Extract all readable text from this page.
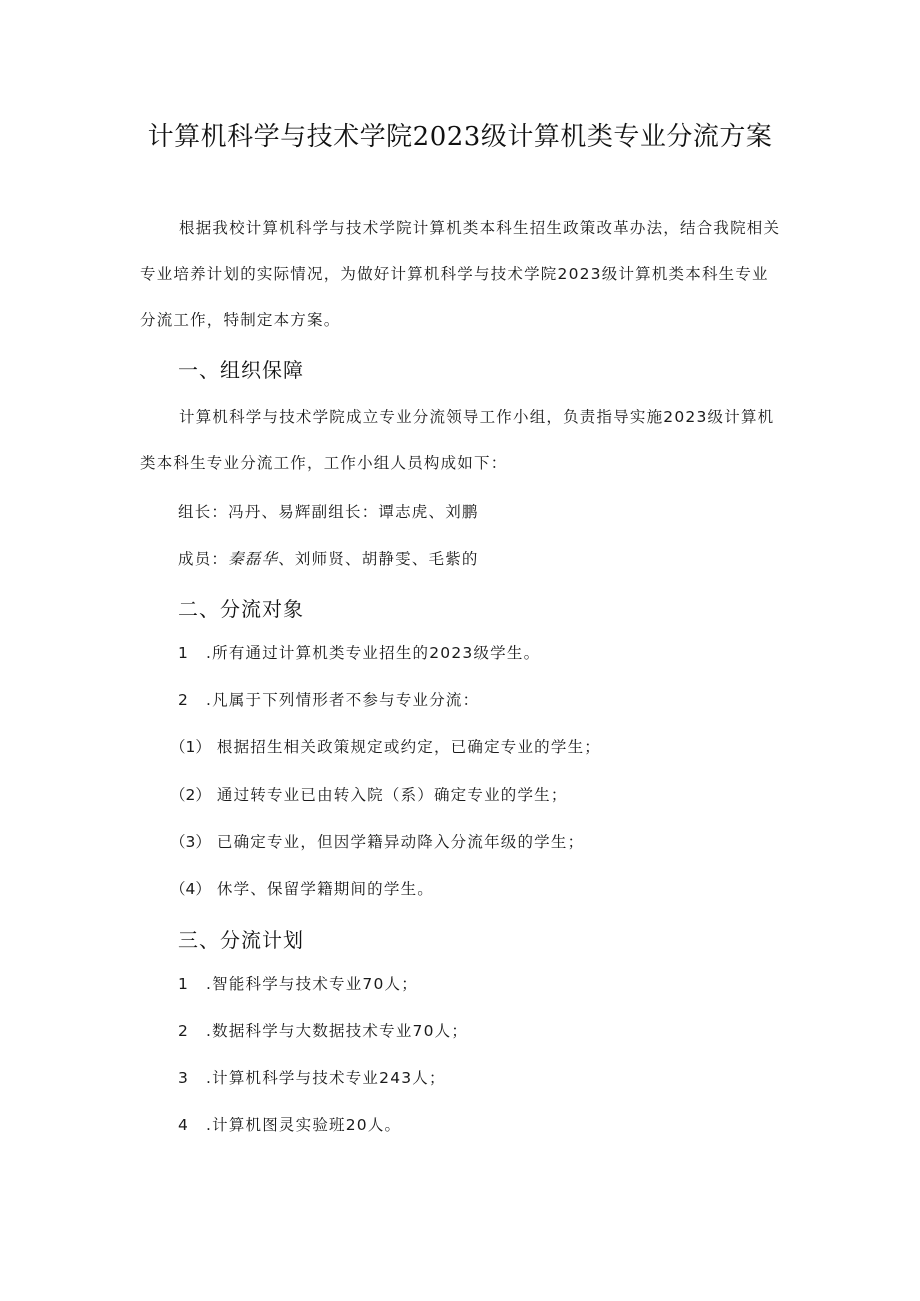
计算机科学与技术学院2023级计算机类专业分流方案

根据我校计算机科学与技术学院计算机类本科生招生政策改革办法，结合我院相关专业培养计划的实际情况，为做好计算机科学与技术学院2023级计算机类本科生专业分流工作，特制定本方案。

一、组织保障

计算机科学与技术学院成立专业分流领导工作小组，负责指导实施2023级计算机类本科生专业分流工作，工作小组人员构成如下：

组长：冯丹、易辉副组长：谭志虎、刘鹏

成员：秦磊华、刘师贤、胡静雯、毛紫的

二、分流对象

1 .所有通过计算机类专业招生的2023级学生。

2 .凡属于下列情形者不参与专业分流：

（1） 根据招生相关政策规定或约定，已确定专业的学生；

（2） 通过转专业已由转入院（系）确定专业的学生；

（3） 已确定专业，但因学籍异动降入分流年级的学生；

（4） 休学、保留学籍期间的学生。

三、分流计划

1 .智能科学与技术专业70人；

2 .数据科学与大数据技术专业70人；

3 .计算机科学与技术专业243人；

4 .计算机图灵实验班20人。
